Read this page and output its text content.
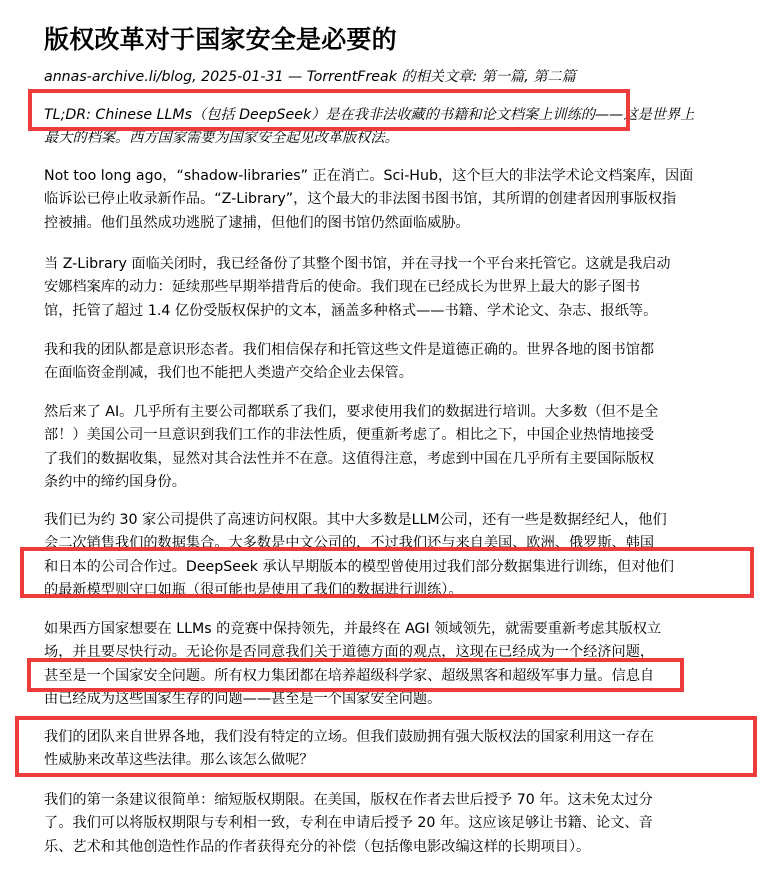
版权改革对于国家安全是必要的
annas-archive.li/blog, 2025-01-31 — TorrentFreak 的相关文章: 第一篇, 第二篇
TL;DR: Chinese LLMs（包括 DeepSeek）是在我非法收藏的书籍和论文档案上训练的——这是世界上
最大的档案。西方国家需要为国家安全起见改革版权法。
Not too long ago，“shadow-libraries” 正在消亡。Sci-Hub，这个巨大的非法学术论文档案库，因面
临诉讼已停止收录新作品。“Z-Library”，这个最大的非法图书图书馆，其所谓的创建者因刑事版权指
控被捕。他们虽然成功逃脱了逮捕，但他们的图书馆仍然面临威胁。
当 Z-Library 面临关闭时，我已经备份了其整个图书馆，并在寻找一个平台来托管它。这就是我启动
安娜档案库的动力：延续那些早期举措背后的使命。我们现在已经成长为世界上最大的影子图书
馆，托管了超过 1.4 亿份受版权保护的文本，涵盖多种格式——书籍、学术论文、杂志、报纸等。
我和我的团队都是意识形态者。我们相信保存和托管这些文件是道德正确的。世界各地的图书馆都
在面临资金削减，我们也不能把人类遗产交给企业去保管。
然后来了 AI。几乎所有主要公司都联系了我们，要求使用我们的数据进行培训。大多数（但不是全
部！）美国公司一旦意识到我们工作的非法性质，便重新考虑了。相比之下，中国企业热情地接受
了我们的数据收集，显然对其合法性并不在意。这值得注意，考虑到中国在几乎所有主要国际版权
条约中的缔约国身份。
我们已为约 30 家公司提供了高速访问权限。其中大多数是LLM公司，还有一些是数据经纪人，他们
会二次销售我们的数据集合。大多数是中文公司的，不过我们还与来自美国、欧洲、俄罗斯、韩国
和日本的公司合作过。DeepSeek 承认早期版本的模型曾使用过我们部分数据集进行训练，但对他们
的最新模型则守口如瓶（很可能也是使用了我们的数据进行训练）。
如果西方国家想要在 LLMs 的竞赛中保持领先，并最终在 AGI 领域领先，就需要重新考虑其版权立
场，并且要尽快行动。无论你是否同意我们关于道德方面的观点，这现在已经成为一个经济问题，
甚至是一个国家安全问题。所有权力集团都在培养超级科学家、超级黑客和超级军事力量。信息自
由已经成为这些国家生存的问题——甚至是一个国家安全问题。
我们的团队来自世界各地，我们没有特定的立场。但我们鼓励拥有强大版权法的国家利用这一存在
性威胁来改革这些法律。那么该怎么做呢？
我们的第一条建议很简单：缩短版权期限。在美国，版权在作者去世后授予 70 年。这未免太过分
了。我们可以将版权期限与专利相一致，专利在申请后授予 20 年。这应该足够让书籍、论文、音
乐、艺术和其他创造性作品的作者获得充分的补偿（包括像电影改编这样的长期项目）。
